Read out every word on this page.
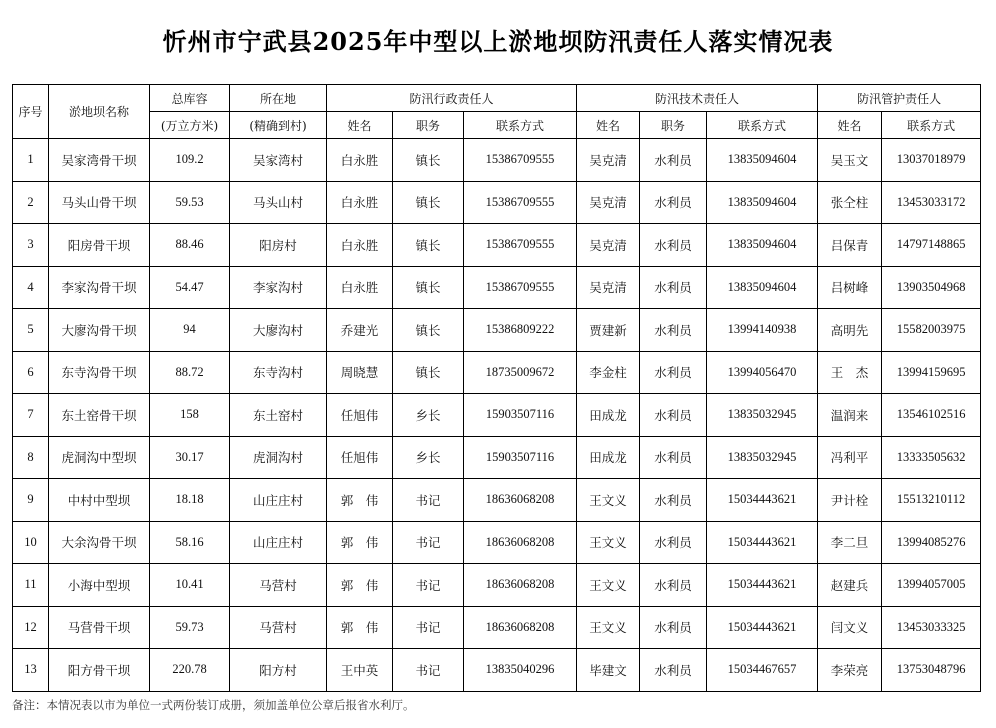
忻州市宁武县2025年中型以上淤地坝防汛责任人落实情况表
序号	淤地坝名称	总库容	所在地	防汛行政责任人			防汛技术责任人			防汛管护责任人	
		(万立方米)	(精确到村)	姓名	职务	联系方式	姓名	职务	联系方式	姓名	联系方式
1	吴家湾骨干坝	109.2	吴家湾村	白永胜	镇长	15386709555	吴克清	水利员	13835094604	吴玉文	13037018979
2	马头山骨干坝	59.53	马头山村	白永胜	镇长	15386709555	吴克清	水利员	13835094604	张仝柱	13453033172
3	阳房骨干坝	88.46	阳房村	白永胜	镇长	15386709555	吴克清	水利员	13835094604	吕保青	14797148865
4	李家沟骨干坝	54.47	李家沟村	白永胜	镇长	15386709555	吴克清	水利员	13835094604	吕树峰	13903504968
5	大廖沟骨干坝	94	大廖沟村	乔建光	镇长	15386809222	贾建新	水利员	13994140938	高明先	15582003975
6	东寺沟骨干坝	88.72	东寺沟村	周晓慧	镇长	18735009672	李金柱	水利员	13994056470	王　杰	13994159695
7	东土窑骨干坝	158	东土窑村	任旭伟	乡长	15903507116	田成龙	水利员	13835032945	温润来	13546102516
8	虎洞沟中型坝	30.17	虎洞沟村	任旭伟	乡长	15903507116	田成龙	水利员	13835032945	冯利平	13333505632
9	中村中型坝	18.18	山庄庄村	郭　伟	书记	18636068208	王文义	水利员	15034443621	尹计栓	15513210112
10	大余沟骨干坝	58.16	山庄庄村	郭　伟	书记	18636068208	王文义	水利员	15034443621	李二旦	13994085276
11	小海中型坝	10.41	马营村	郭　伟	书记	18636068208	王文义	水利员	15034443621	赵建兵	13994057005
12	马营骨干坝	59.73	马营村	郭　伟	书记	18636068208	王文义	水利员	15034443621	闫文义	13453033325
13	阳方骨干坝	220.78	阳方村	王中英	书记	13835040296	毕建文	水利员	15034467657	李荣亮	13753048796
备注：本情况表以市为单位一式两份装订成册，须加盖单位公章后报省水利厅。
